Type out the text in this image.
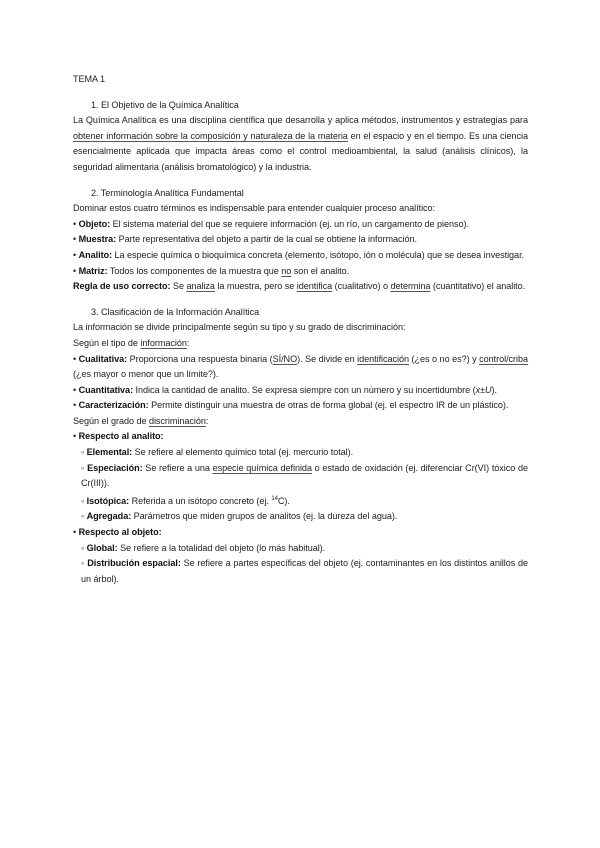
TEMA 1

1. El Objetivo de la Química Analítica

La Química Analítica es una disciplina científica que desarrolla y aplica métodos, instrumentos y estrategias para obtener información sobre la composición y naturaleza de la materia en el espacio y en el tiempo. Es una ciencia esencialmente aplicada que impacta áreas como el control medioambiental, la salud (análisis clínicos), la seguridad alimentaria (análisis bromatológico) y la industria.

2. Terminología Analítica Fundamental

Dominar estos cuatro términos es indispensable para entender cualquier proceso analítico:

• Objeto: El sistema material del que se requiere información (ej. un río, un cargamento de pienso).

• Muestra: Parte representativa del objeto a partir de la cual se obtiene la información.

• Analito: La especie química o bioquímica concreta (elemento, isótopo, ión o molécula) que se desea investigar.

• Matriz: Todos los componentes de la muestra que no son el analito.

Regla de uso correcto: Se analiza la muestra, pero se identifica (cualitativo) o determina (cuantitativo) el analito.

3. Clasificación de la Información Analítica

La información se divide principalmente según su tipo y su grado de discriminación:

Según el tipo de información:

• Cualitativa: Proporciona una respuesta binaria (SÍ/NO). Se divide en identificación (¿es o no es?) y control/criba (¿es mayor o menor que un límite?).

• Cuantitativa: Indica la cantidad de analito. Se expresa siempre con un número y su incertidumbre (x±U).

• Caracterización: Permite distinguir una muestra de otras de forma global (ej. el espectro IR de un plástico).

Según el grado de discriminación:

• Respecto al analito:

◦ Elemental: Se refiere al elemento químico total (ej. mercurio total).

◦ Especiación: Se refiere a una especie química definida o estado de oxidación (ej. diferenciar Cr(VI) tóxico de Cr(III)).

◦ Isotópica: Referida a un isótopo concreto (ej. $^{14}$C).

◦ Agregada: Parámetros que miden grupos de analitos (ej. la dureza del agua).

• Respecto al objeto:

◦ Global: Se refiere a la totalidad del objeto (lo más habitual).

◦ Distribución espacial: Se refiere a partes específicas del objeto (ej. contaminantes en los distintos anillos de un árbol).
